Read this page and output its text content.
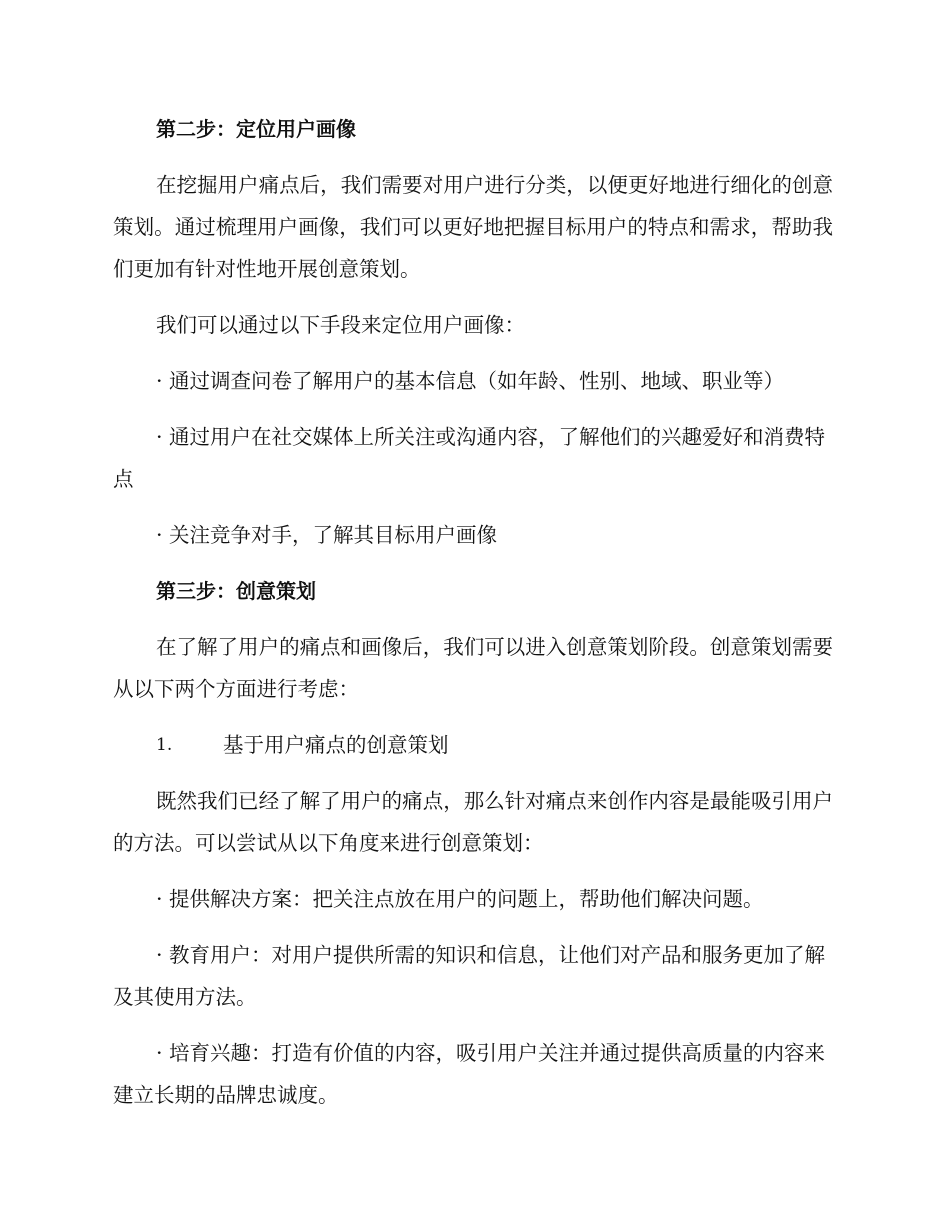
第二步：定位用户画像
在挖掘用户痛点后，我们需要对用户进行分类，以便更好地进行细化的创意策划。通过梳理用户画像，我们可以更好地把握目标用户的特点和需求，帮助我们更加有针对性地开展创意策划。
我们可以通过以下手段来定位用户画像：
· 通过调查问卷了解用户的基本信息（如年龄、性别、地域、职业等）
· 通过用户在社交媒体上所关注或沟通内容，了解他们的兴趣爱好和消费特点
· 关注竞争对手，了解其目标用户画像
第三步：创意策划
在了解了用户的痛点和画像后，我们可以进入创意策划阶段。创意策划需要从以下两个方面进行考虑：
1.	基于用户痛点的创意策划
既然我们已经了解了用户的痛点，那么针对痛点来创作内容是最能吸引用户的方法。可以尝试从以下角度来进行创意策划：
· 提供解决方案：把关注点放在用户的问题上，帮助他们解决问题。
· 教育用户：对用户提供所需的知识和信息，让他们对产品和服务更加了解及其使用方法。
· 培育兴趣：打造有价值的内容，吸引用户关注并通过提供高质量的内容来建立长期的品牌忠诚度。
